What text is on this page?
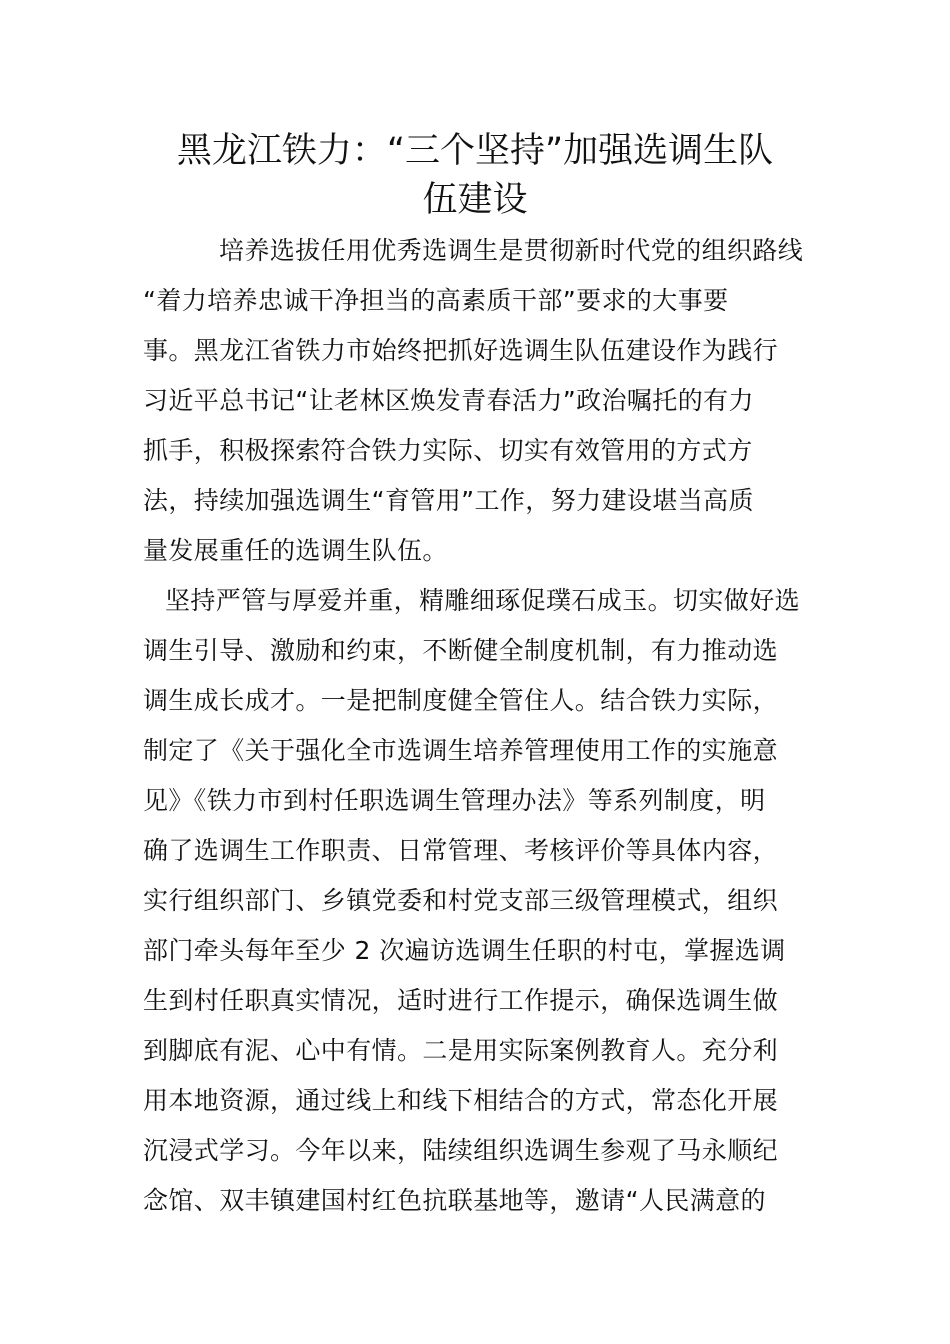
黑龙江铁力：“三个坚持”加强选调生队
伍建设
培养选拔任用优秀选调生是贯彻新时代党的组织路线
“着力培养忠诚干净担当的高素质干部”要求的大事要
事。黑龙江省铁力市始终把抓好选调生队伍建设作为践行
习近平总书记“让老林区焕发青春活力”政治嘱托的有力
抓手，积极探索符合铁力实际、切实有效管用的方式方
法，持续加强选调生“育管用”工作，努力建设堪当高质
量发展重任的选调生队伍。
坚持严管与厚爱并重，精雕细琢促璞石成玉。切实做好选
调生引导、激励和约束，不断健全制度机制，有力推动选
调生成长成才。一是把制度健全管住人。结合铁力实际，
制定了《关于强化全市选调生培养管理使用工作的实施意
见》《铁力市到村任职选调生管理办法》等系列制度，明
确了选调生工作职责、日常管理、考核评价等具体内容，
实行组织部门、乡镇党委和村党支部三级管理模式，组织
部门牵头每年至少 2 次遍访选调生任职的村屯，掌握选调
生到村任职真实情况，适时进行工作提示，确保选调生做
到脚底有泥、心中有情。二是用实际案例教育人。充分利
用本地资源，通过线上和线下相结合的方式，常态化开展
沉浸式学习。今年以来，陆续组织选调生参观了马永顺纪
念馆、双丰镇建国村红色抗联基地等，邀请“人民满意的
